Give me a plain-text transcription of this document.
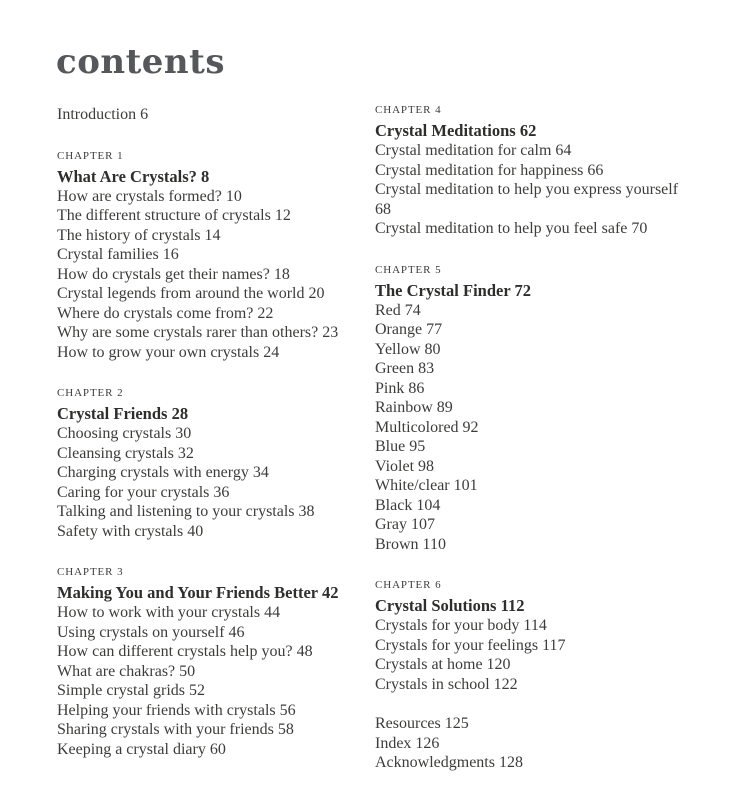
contents
Introduction 6
CHAPTER 1
What Are Crystals? 8
How are crystals formed? 10
The different structure of crystals 12
The history of crystals 14
Crystal families 16
How do crystals get their names? 18
Crystal legends from around the world 20
Where do crystals come from? 22
Why are some crystals rarer than others? 23
How to grow your own crystals 24
CHAPTER 2
Crystal Friends 28
Choosing crystals 30
Cleansing crystals 32
Charging crystals with energy 34
Caring for your crystals 36
Talking and listening to your crystals 38
Safety with crystals 40
CHAPTER 3
Making You and Your Friends Better 42
How to work with your crystals 44
Using crystals on yourself 46
How can different crystals help you? 48
What are chakras? 50
Simple crystal grids 52
Helping your friends with crystals 56
Sharing crystals with your friends 58
Keeping a crystal diary 60
CHAPTER 4
Crystal Meditations 62
Crystal meditation for calm 64
Crystal meditation for happiness 66
Crystal meditation to help you express yourself 68
Crystal meditation to help you feel safe 70
CHAPTER 5
The Crystal Finder 72
Red 74
Orange 77
Yellow 80
Green 83
Pink 86
Rainbow 89
Multicolored 92
Blue 95
Violet 98
White/clear 101
Black 104
Gray 107
Brown 110
CHAPTER 6
Crystal Solutions 112
Crystals for your body 114
Crystals for your feelings 117
Crystals at home 120
Crystals in school 122
Resources 125
Index 126
Acknowledgments 128
